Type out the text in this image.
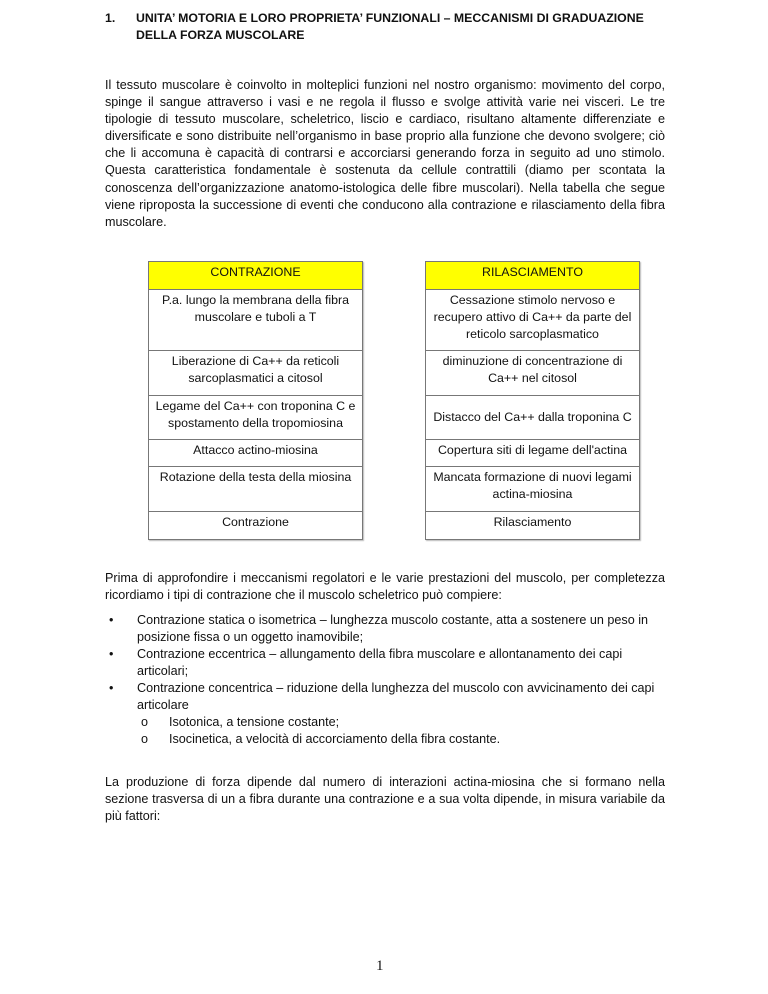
1. UNITA’ MOTORIA E LORO PROPRIETA’ FUNZIONALI – MECCANISMI DI GRADUAZIONE DELLA FORZA MUSCOLARE

Il tessuto muscolare è coinvolto in molteplici funzioni nel nostro organismo: movimento del corpo, spinge il sangue attraverso i vasi e ne regola il flusso e svolge attività varie nei visceri. Le tre tipologie di tessuto muscolare, scheletrico, liscio e cardiaco, risultano altamente differenziate e diversificate e sono distribuite nell’organismo in base proprio alla funzione che devono svolgere; ciò che li accomuna è capacità di contrarsi e accorciarsi generando forza in seguito ad uno stimolo. Questa caratteristica fondamentale è sostenuta da cellule contrattili (diamo per scontata la conoscenza dell’organizzazione anatomo-istologica delle fibre muscolari). Nella tabella che segue viene riproposta la successione di eventi che conducono alla contrazione e rilasciamento della fibra muscolare.

CONTRAZIONE
P.a. lungo la membrana della fibra muscolare e tuboli a T
Liberazione di Ca++ da reticoli sarcoplasmatici a citosol
Legame del Ca++ con troponina C e spostamento della tropomiosina
Attacco actino-miosina
Rotazione della testa della miosina
Contrazione
RILASCIAMENTO
Cessazione stimolo nervoso e recupero attivo di Ca++ da parte del reticolo sarcoplasmatico
diminuzione di concentrazione di Ca++ nel citosol
Distacco del Ca++ dalla troponina C
Copertura siti di legame dell'actina
Mancata formazione di nuovi legami actina-miosina
Rilasciamento

Prima di approfondire i meccanismi regolatori e le varie prestazioni del muscolo, per completezza ricordiamo i tipi di contrazione che il muscolo scheletrico può compiere:

• Contrazione statica o isometrica – lunghezza muscolo costante, atta a sostenere un peso in posizione fissa o un oggetto inamovibile;
• Contrazione eccentrica – allungamento della fibra muscolare e allontanamento dei capi articolari;
• Contrazione concentrica – riduzione della lunghezza del muscolo con avvicinamento dei capi articolare
o Isotonica, a tensione costante;
o Isocinetica, a velocità di accorciamento della fibra costante.

La produzione di forza dipende dal numero di interazioni actina-miosina che si formano nella sezione trasversa di un a fibra durante una contrazione e a sua volta dipende, in misura variabile da più fattori:

1
